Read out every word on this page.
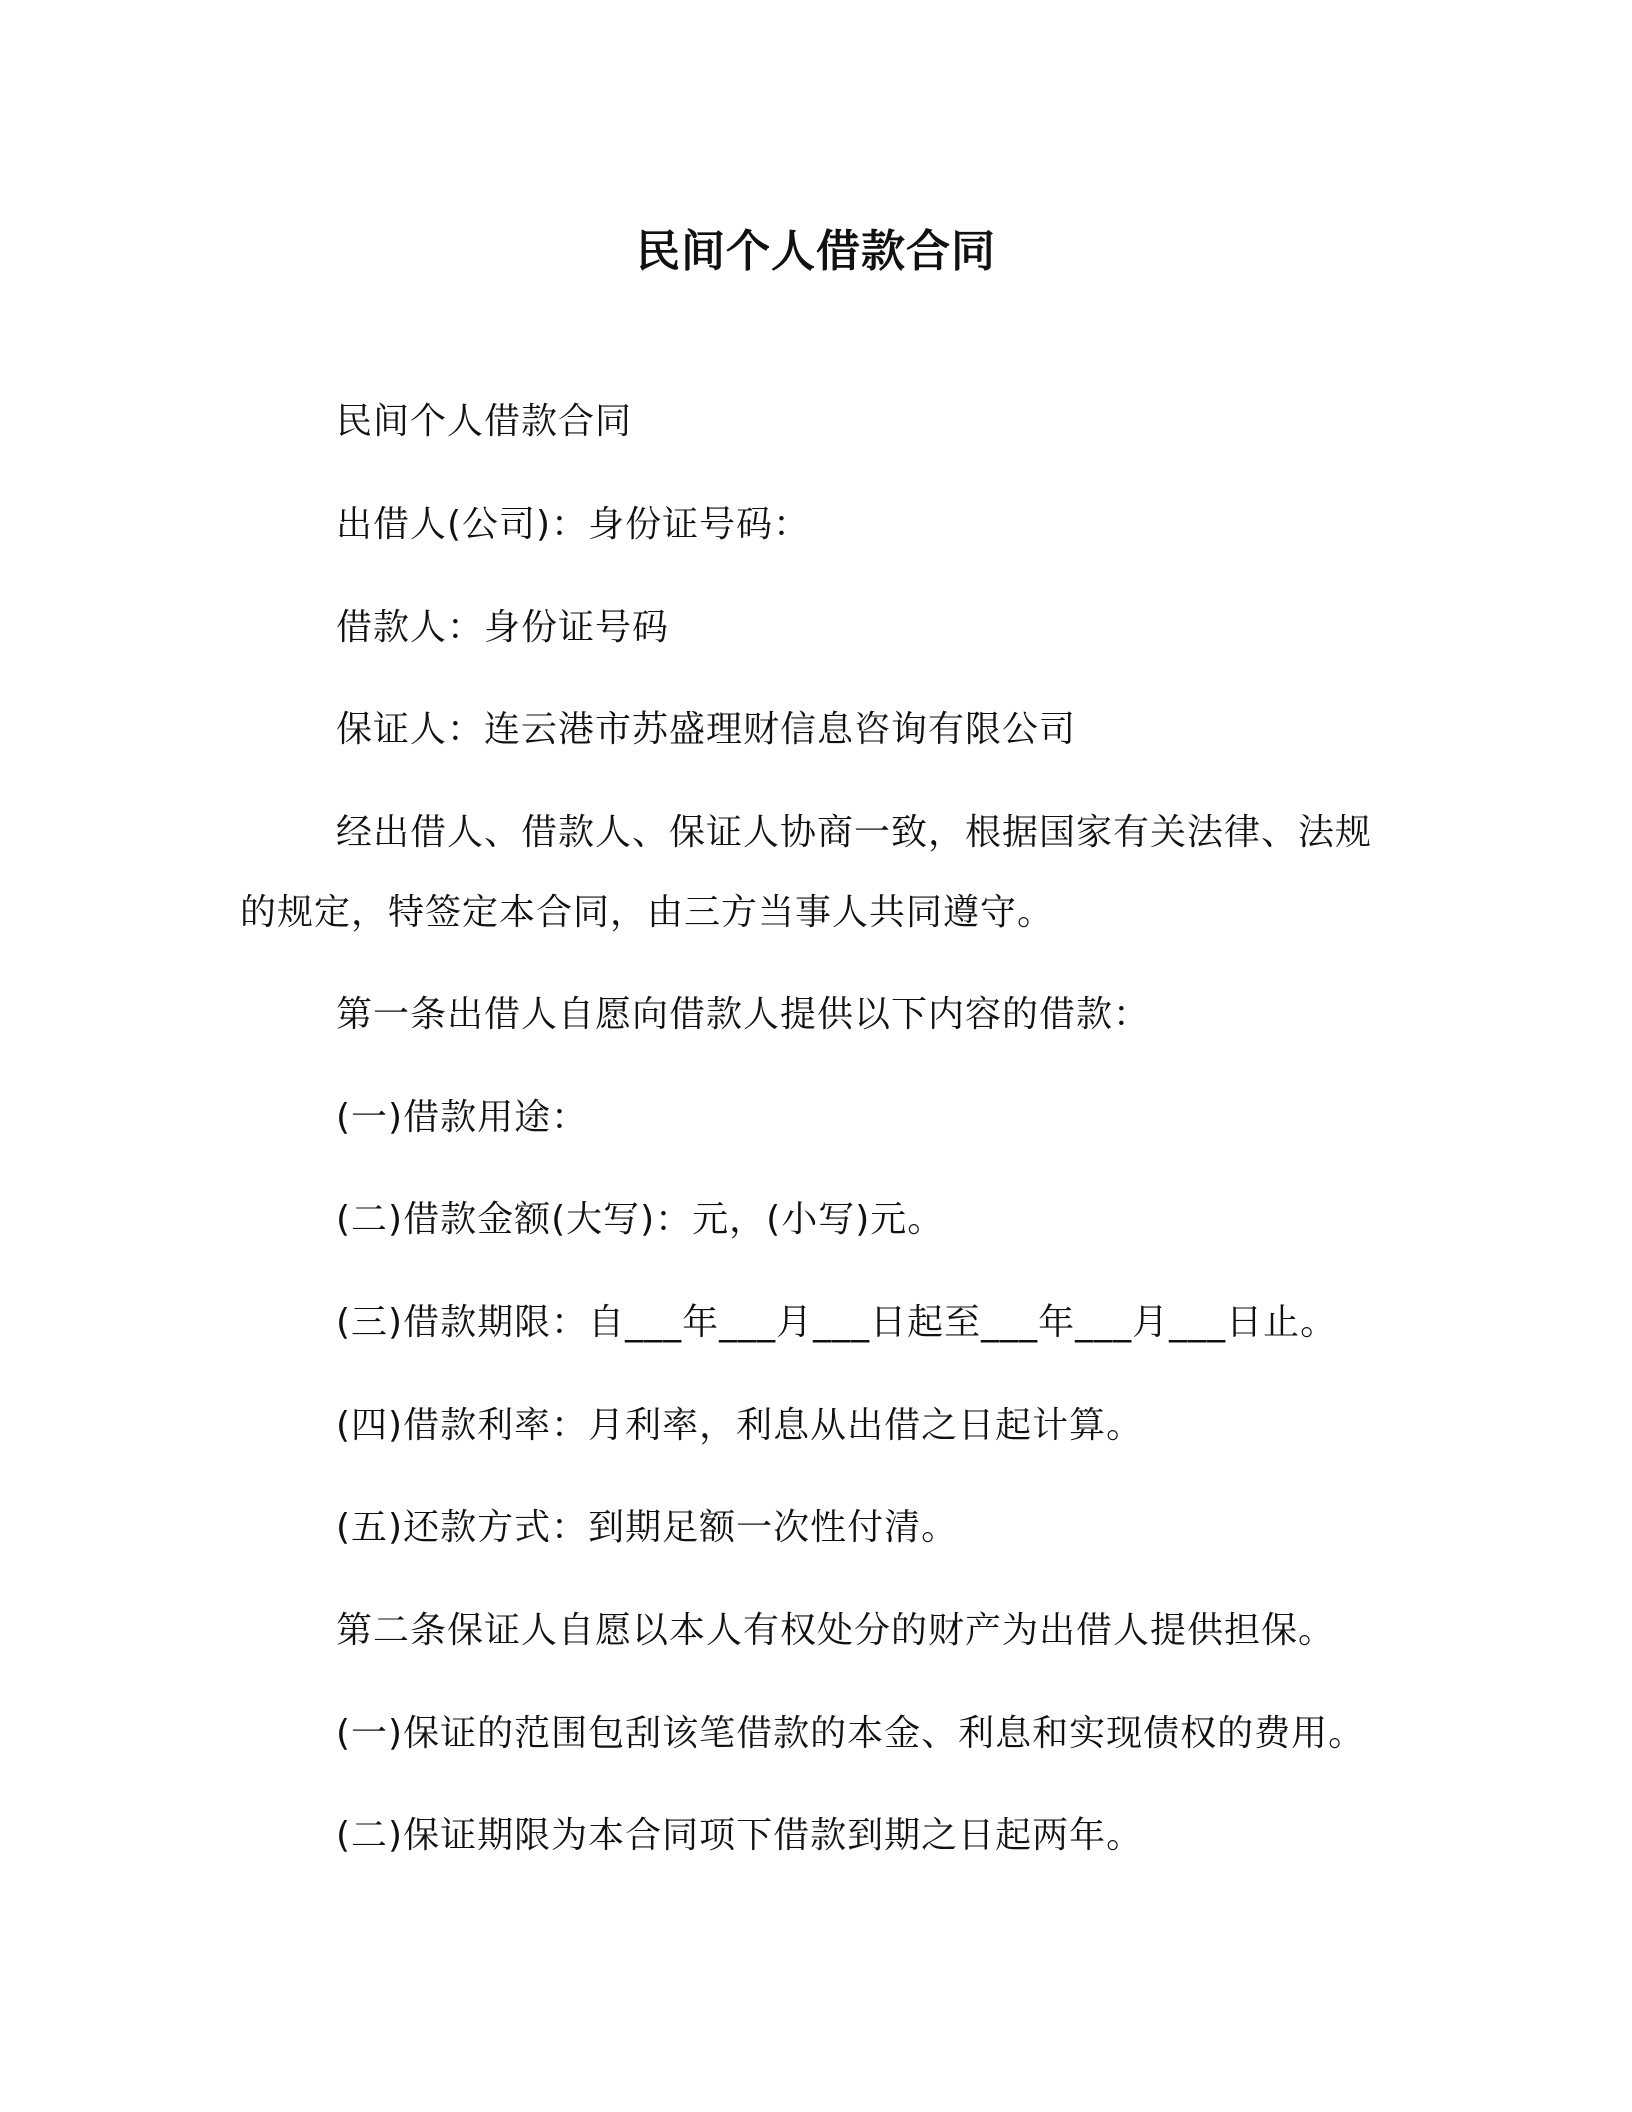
民间个人借款合同

民间个人借款合同

出借人(公司)：身份证号码：

借款人：身份证号码

保证人：连云港市苏盛理财信息咨询有限公司

经出借人、借款人、保证人协商一致，根据国家有关法律、法规的规定，特签定本合同，由三方当事人共同遵守。

第一条出借人自愿向借款人提供以下内容的借款：

(一)借款用途：

(二)借款金额(大写)：元，(小写)元。

(三)借款期限：自___年___月___日起至___年___月___日止。

(四)借款利率：月利率，利息从出借之日起计算。

(五)还款方式：到期足额一次性付清。

第二条保证人自愿以本人有权处分的财产为出借人提供担保。

(一)保证的范围包刮该笔借款的本金、利息和实现债权的费用。

(二)保证期限为本合同项下借款到期之日起两年。
